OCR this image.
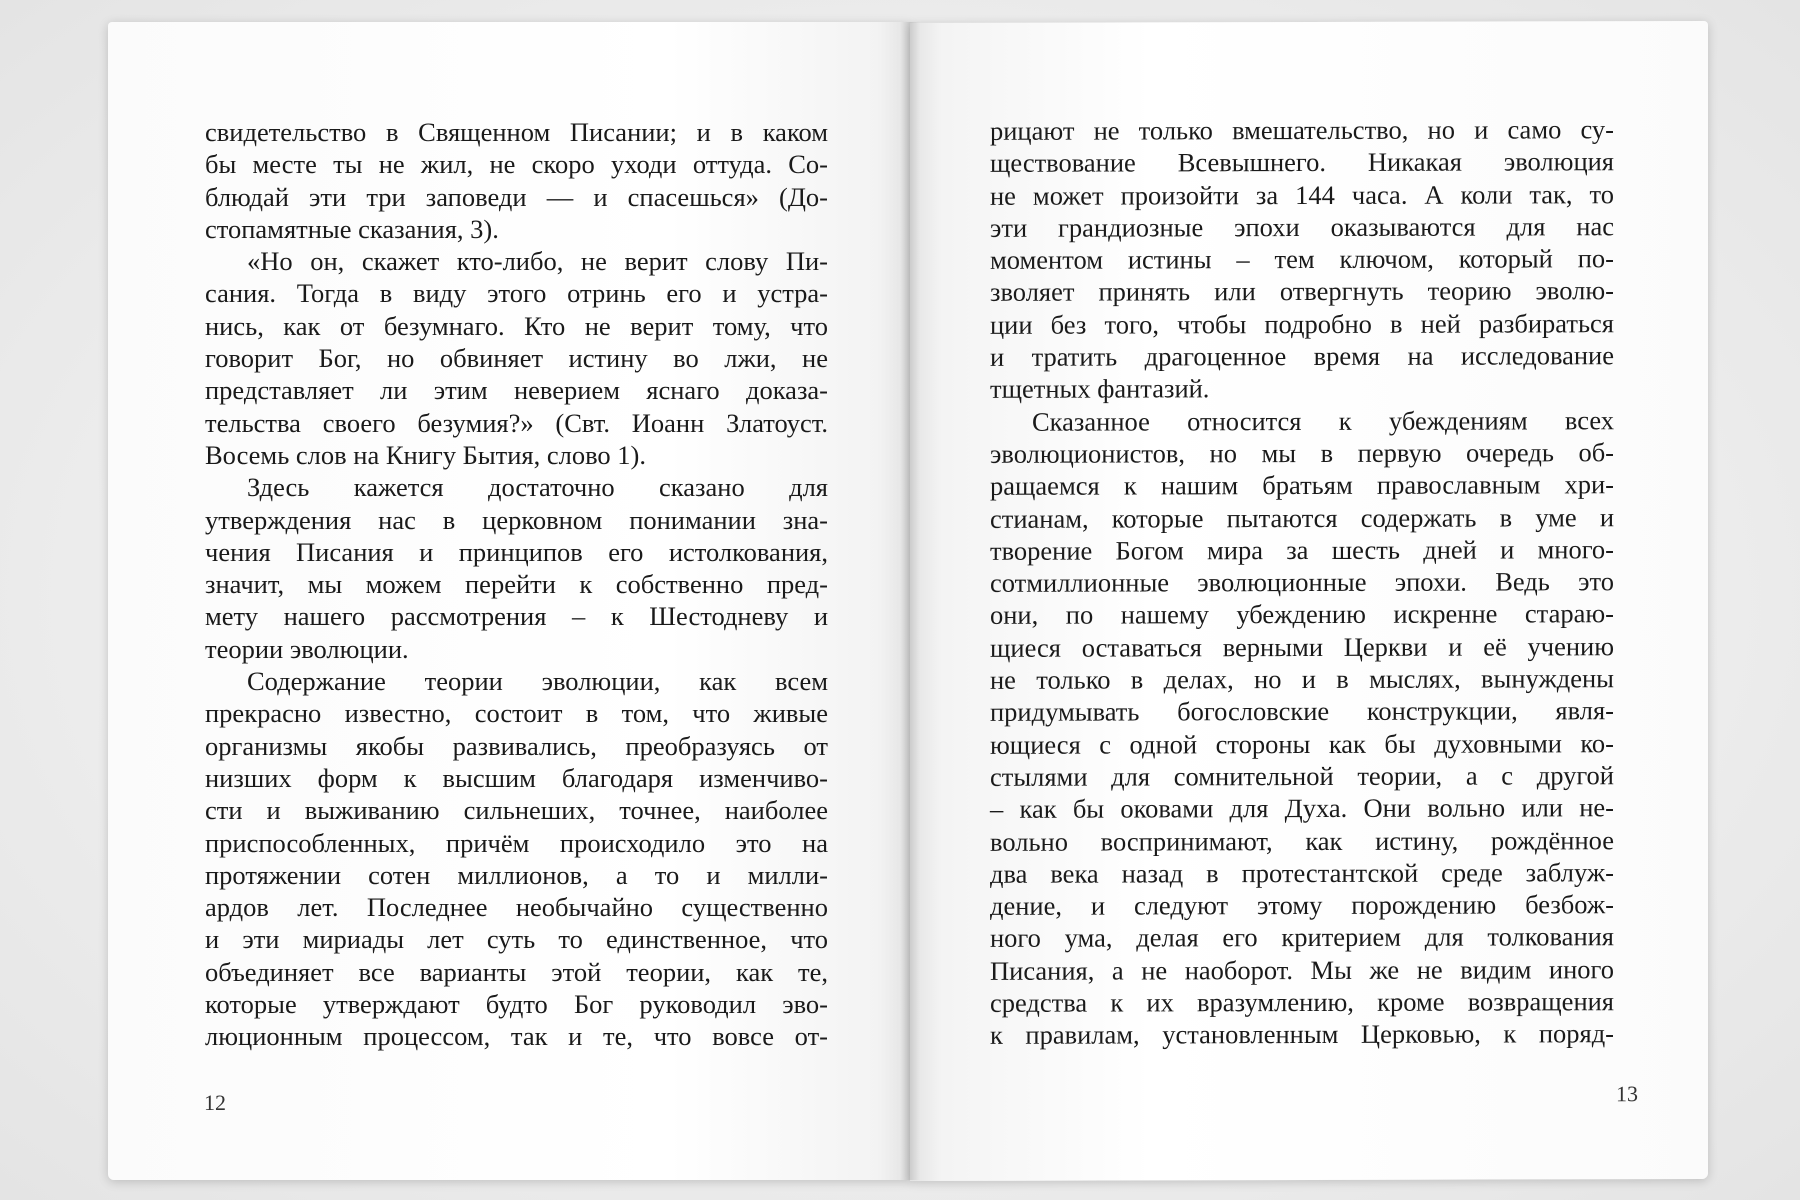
свидетельство в Священном Писании; и в каком

бы месте ты не жил, не скоро уходи оттуда. Со-

блюдай эти три заповеди — и спасешься» (До-

стопамятные сказания, 3).

«Но он, скажет кто-либо, не верит слову Пи-

сания. Тогда в виду этого отринь его и устра-

нись, как от безумнаго. Кто не верит тому, что

говорит Бог, но обвиняет истину во лжи, не

представляет ли этим неверием яснаго доказа-

тельства своего безумия?» (Свт. Иоанн Златоуст.

Восемь слов на Книгу Бытия, слово 1).

Здесь кажется достаточно сказано для

утверждения нас в церковном понимании зна-

чения Писания и принципов его истолкования,

значит, мы можем перейти к собственно пред-

мету нашего рассмотрения – к Шестодневу и

теории эволюции.

Содержание теории эволюции, как всем

прекрасно известно, состоит в том, что живые

организмы якобы развивались, преобразуясь от

низших форм к высшим благодаря изменчиво-

сти и выживанию сильнеших, точнее, наиболее

приспособленных, причём происходило это на

протяжении сотен миллионов, а то и милли-

ардов лет. Последнее необычайно существенно

и эти мириады лет суть то единственное, что

объединяет все варианты этой теории, как те,

которые утверждают будто Бог руководил эво-

люционным процессом, так и те, что вовсе от-

12

рицают не только вмешательство, но и само су-

ществование Всевышнего. Никакая эволюция

не может произойти за 144 часа. А коли так, то

эти грандиозные эпохи оказываются для нас

моментом истины – тем ключом, который по-

зволяет принять или отвергнуть теорию эволю-

ции без того, чтобы подробно в ней разбираться

и тратить драгоценное время на исследование

тщетных фантазий.

Сказанное относится к убеждениям всех

эволюционистов, но мы в первую очередь об-

ращаемся к нашим братьям православным хри-

стианам, которые пытаются содержать в уме и

творение Богом мира за шесть дней и много-

сотмиллионные эволюционные эпохи. Ведь это

они, по нашему убеждению искренне стараю-

щиеся оставаться верными Церкви и её учению

не только в делах, но и в мыслях, вынуждены

придумывать богословские конструкции, явля-

ющиеся с одной стороны как бы духовными ко-

стылями для сомнительной теории, а с другой

– как бы оковами для Духа. Они вольно или не-

вольно воспринимают, как истину, рождённое

два века назад в протестантской среде заблуж-

дение, и следуют этому порождению безбож-

ного ума, делая его критерием для толкования

Писания, а не наоборот. Мы же не видим иного

средства к их вразумлению, кроме возвращения

к правилам, установленным Церковью, к поряд-

13
